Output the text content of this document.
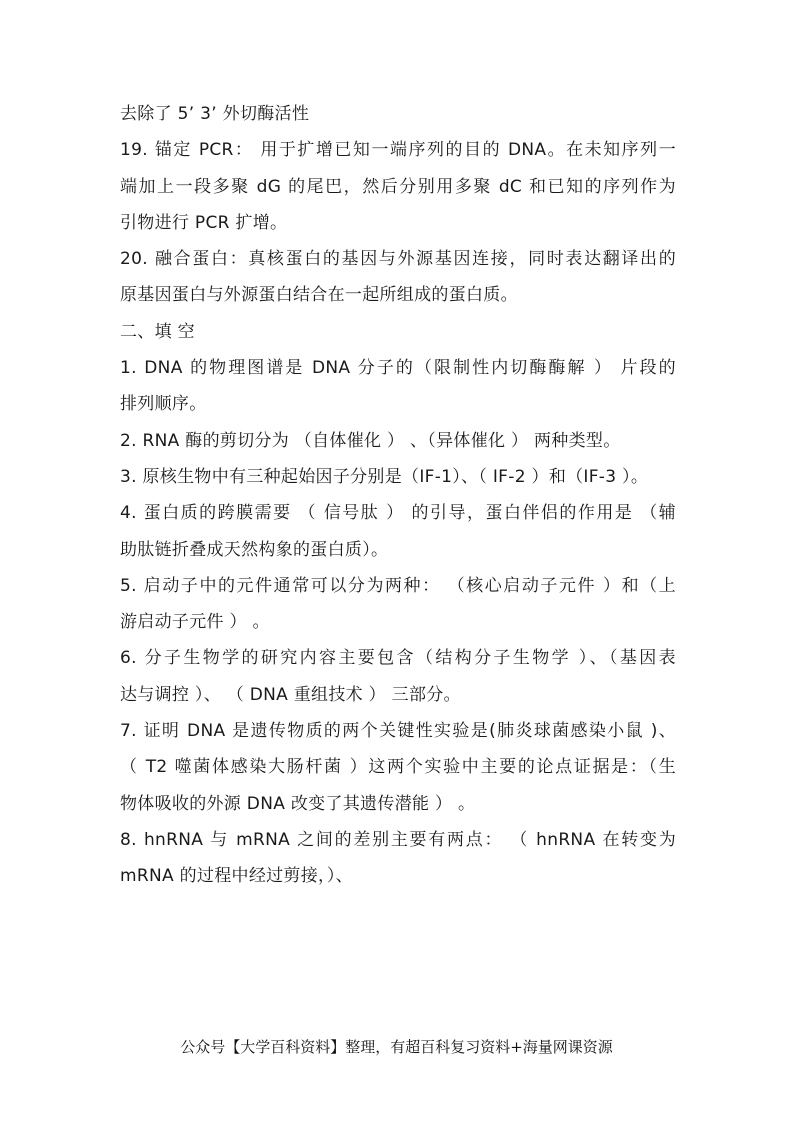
去除了 5’ 3’ 外切酶活性
19. 锚定 PCR： 用于扩增已知一端序列的目的 DNA。在未知序列一
端加上一段多聚 dG 的尾巴，然后分别用多聚 dC 和已知的序列作为
引物进行 PCR 扩增。
20. 融合蛋白：真核蛋白的基因与外源基因连接，同时表达翻译出的
原基因蛋白与外源蛋白结合在一起所组成的蛋白质。
二、填 空
1. DNA 的物理图谱是 DNA 分子的（限制性内切酶酶解 ） 片段的
排列顺序。
2. RNA 酶的剪切分为 （自体催化 ） 、（异体催化 ） 两种类型。
3. 原核生物中有三种起始因子分别是（IF-1）、（ IF-2 ）和（IF-3 ）。
4. 蛋白质的跨膜需要 （ 信号肽 ） 的引导，蛋白伴侣的作用是 （辅
助肽链折叠成天然构象的蛋白质）。
5. 启动子中的元件通常可以分为两种： （核心启动子元件 ）和（上
游启动子元件 ） 。
6. 分子生物学的研究内容主要包含（结构分子生物学 ）、（基因表
达与调控 ）、 （ DNA 重组技术 ） 三部分。
7. 证明 DNA 是遗传物质的两个关键性实验是(肺炎球菌感染小鼠 )、
（ T2 噬菌体感染大肠杆菌 ）这两个实验中主要的论点证据是：（生
物体吸收的外源 DNA 改变了其遗传潜能 ） 。
8. hnRNA 与 mRNA 之间的差别主要有两点： （ hnRNA 在转变为
mRNA 的过程中经过剪接，）、
公众号【大学百科资料】整理，有超百科复习资料+海量网课资源
